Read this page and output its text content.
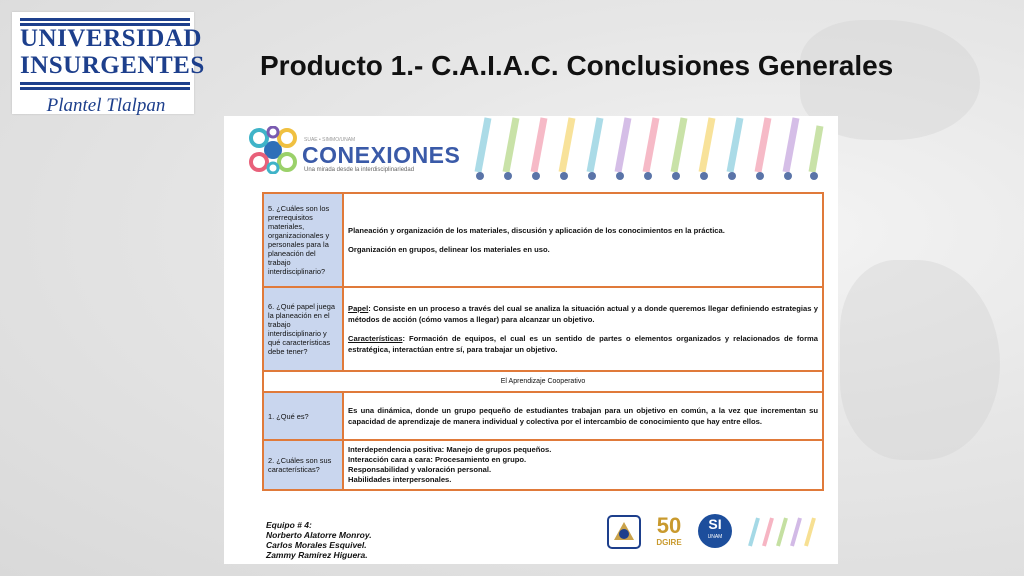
UNIVERSIDAD
INSURGENTES
Plantel Tlalpan
Producto 1.- C.A.I.A.C. Conclusiones Generales
SUAE • SIMMO/UNAM
CONEXIONES
Una mirada desde la interdisciplinariedad
5. ¿Cuáles son los prerrequisitos materiales, organizacionales y personales para la planeación del trabajo interdisciplinario?	Planeación y organización de los materiales, discusión y aplicación de los conocimientos en la práctica.

Organización en grupos, delinear los materiales en uso.

6. ¿Qué papel juega la planeación en el trabajo interdisciplinario y qué características debe tener?	Papel: Consiste en un proceso a través del cual se analiza la situación actual y a donde queremos llegar definiendo estrategias y métodos de acción (cómo vamos a llegar) para alcanzar un objetivo.

Características: Formación de equipos, el cual es un sentido de partes o elementos organizados y relacionados de forma estratégica, interactúan entre sí, para trabajar un objetivo.

El Aprendizaje Cooperativo	
1. ¿Qué es?	Es una dinámica, donde un grupo pequeño de estudiantes trabajan para un objetivo en común, a la vez que incrementan su capacidad de aprendizaje de manera individual y colectiva por el intercambio de conocimiento que hay entre ellos.

2. ¿Cuáles son sus características?	Interdependencia positiva: Manejo de grupos pequeños.
Interacción cara a cara: Procesamiento en grupo.
Responsabilidad y valoración personal.
Habilidades interpersonales.
Equipo # 4:
Norberto Alatorre Monroy.
Carlos Morales Esquivel.
Zammy Ramírez Higuera.
50
DGIRE
SI
UNAM
